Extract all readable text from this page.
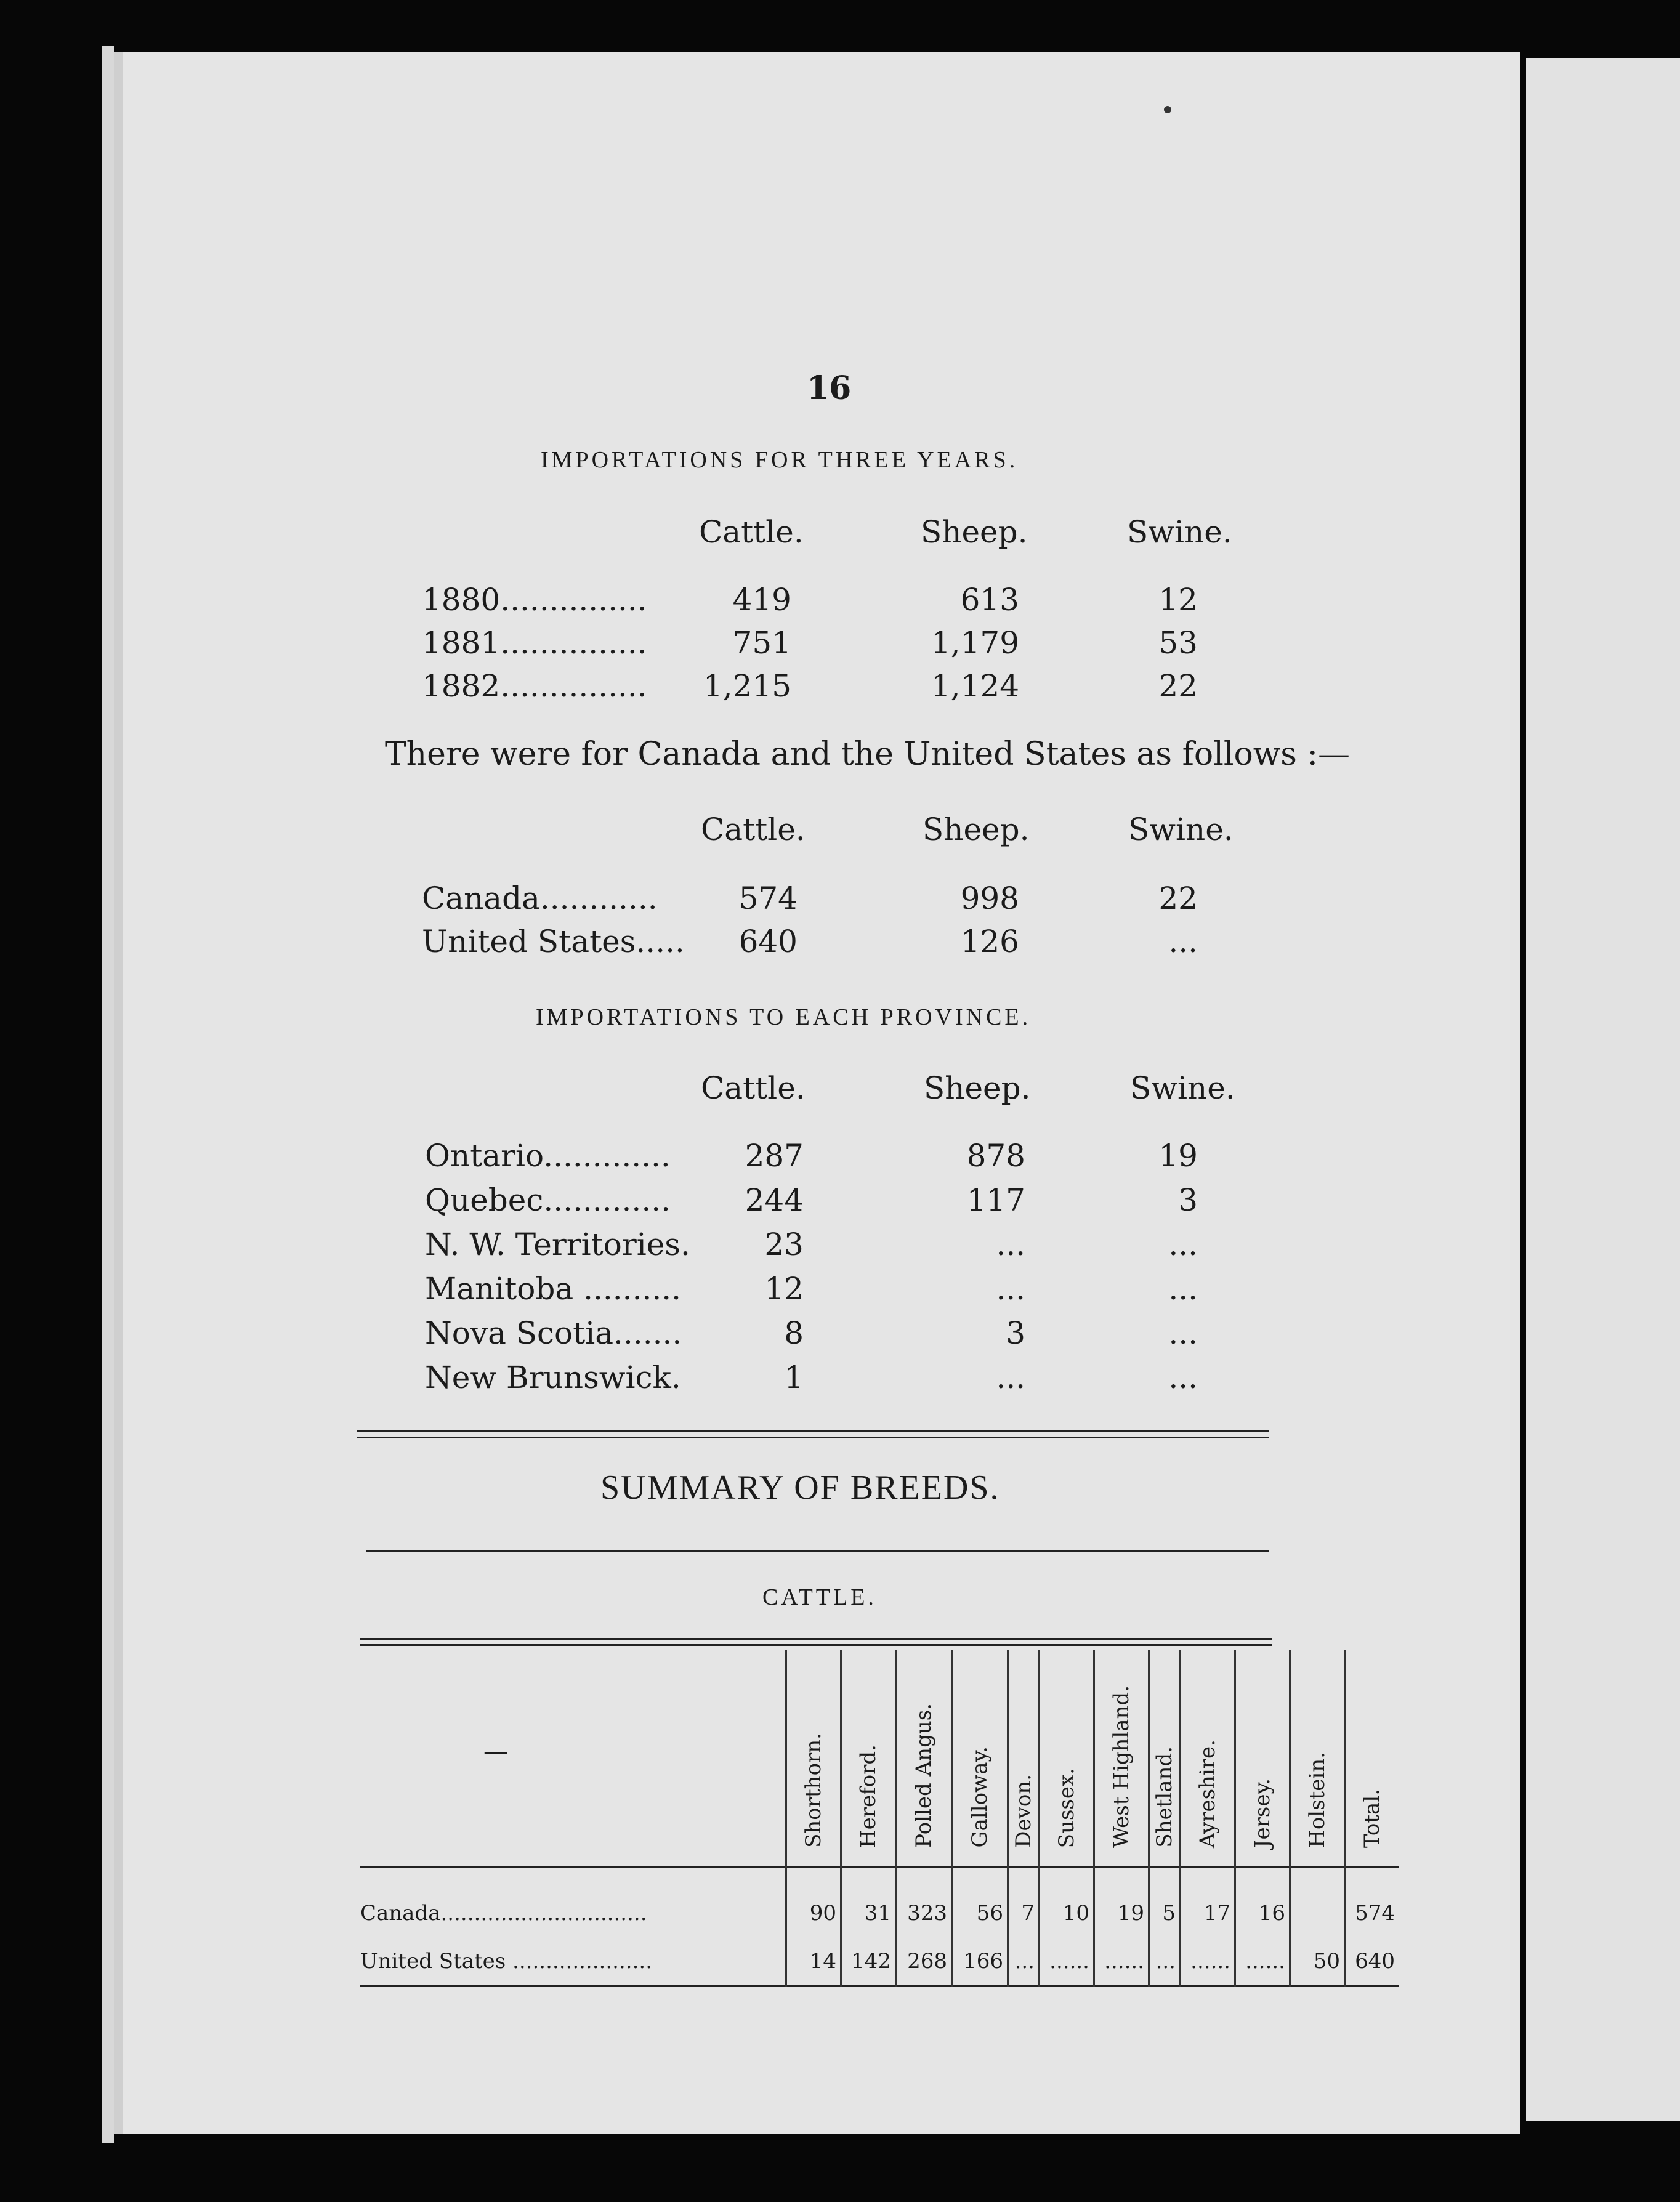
16
IMPORTATIONS FOR THREE YEARS.
Cattle.	Sheep.	Swine.
1880...............	419	613	12
1881...............	751	1,179	53
1882............... 1,215	1,124	22
There were for Canada and the United States as follows :—
Cattle.	Sheep.	Swine.
Canada............	574	998	22
United States.....	640	126	...
IMPORTATIONS TO EACH PROVINCE.
Cattle.	Sheep.	Swine.
Ontario.............	287	878	19
Quebec.............	244	117	3
N. W. Territories.	23	...	...
Manitoba ..........	12	...	...
Nova Scotia.......	8	3	...
New Brunswick.	1	...	...
SUMMARY OF BREEDS.
CATTLE.
—	Shorthorn.	Hereford.	Polled Angus.	Galloway.	Devon.	Sussex.	West Highland.	Shetland.	Ayreshire.	Jersey.	Holstein.	Total.
Canada...............................	90	31	323	56	7	10	19	5	17	16		574
United States .....................	14	142	268	166	...	......	......	...	......	......	50	640
